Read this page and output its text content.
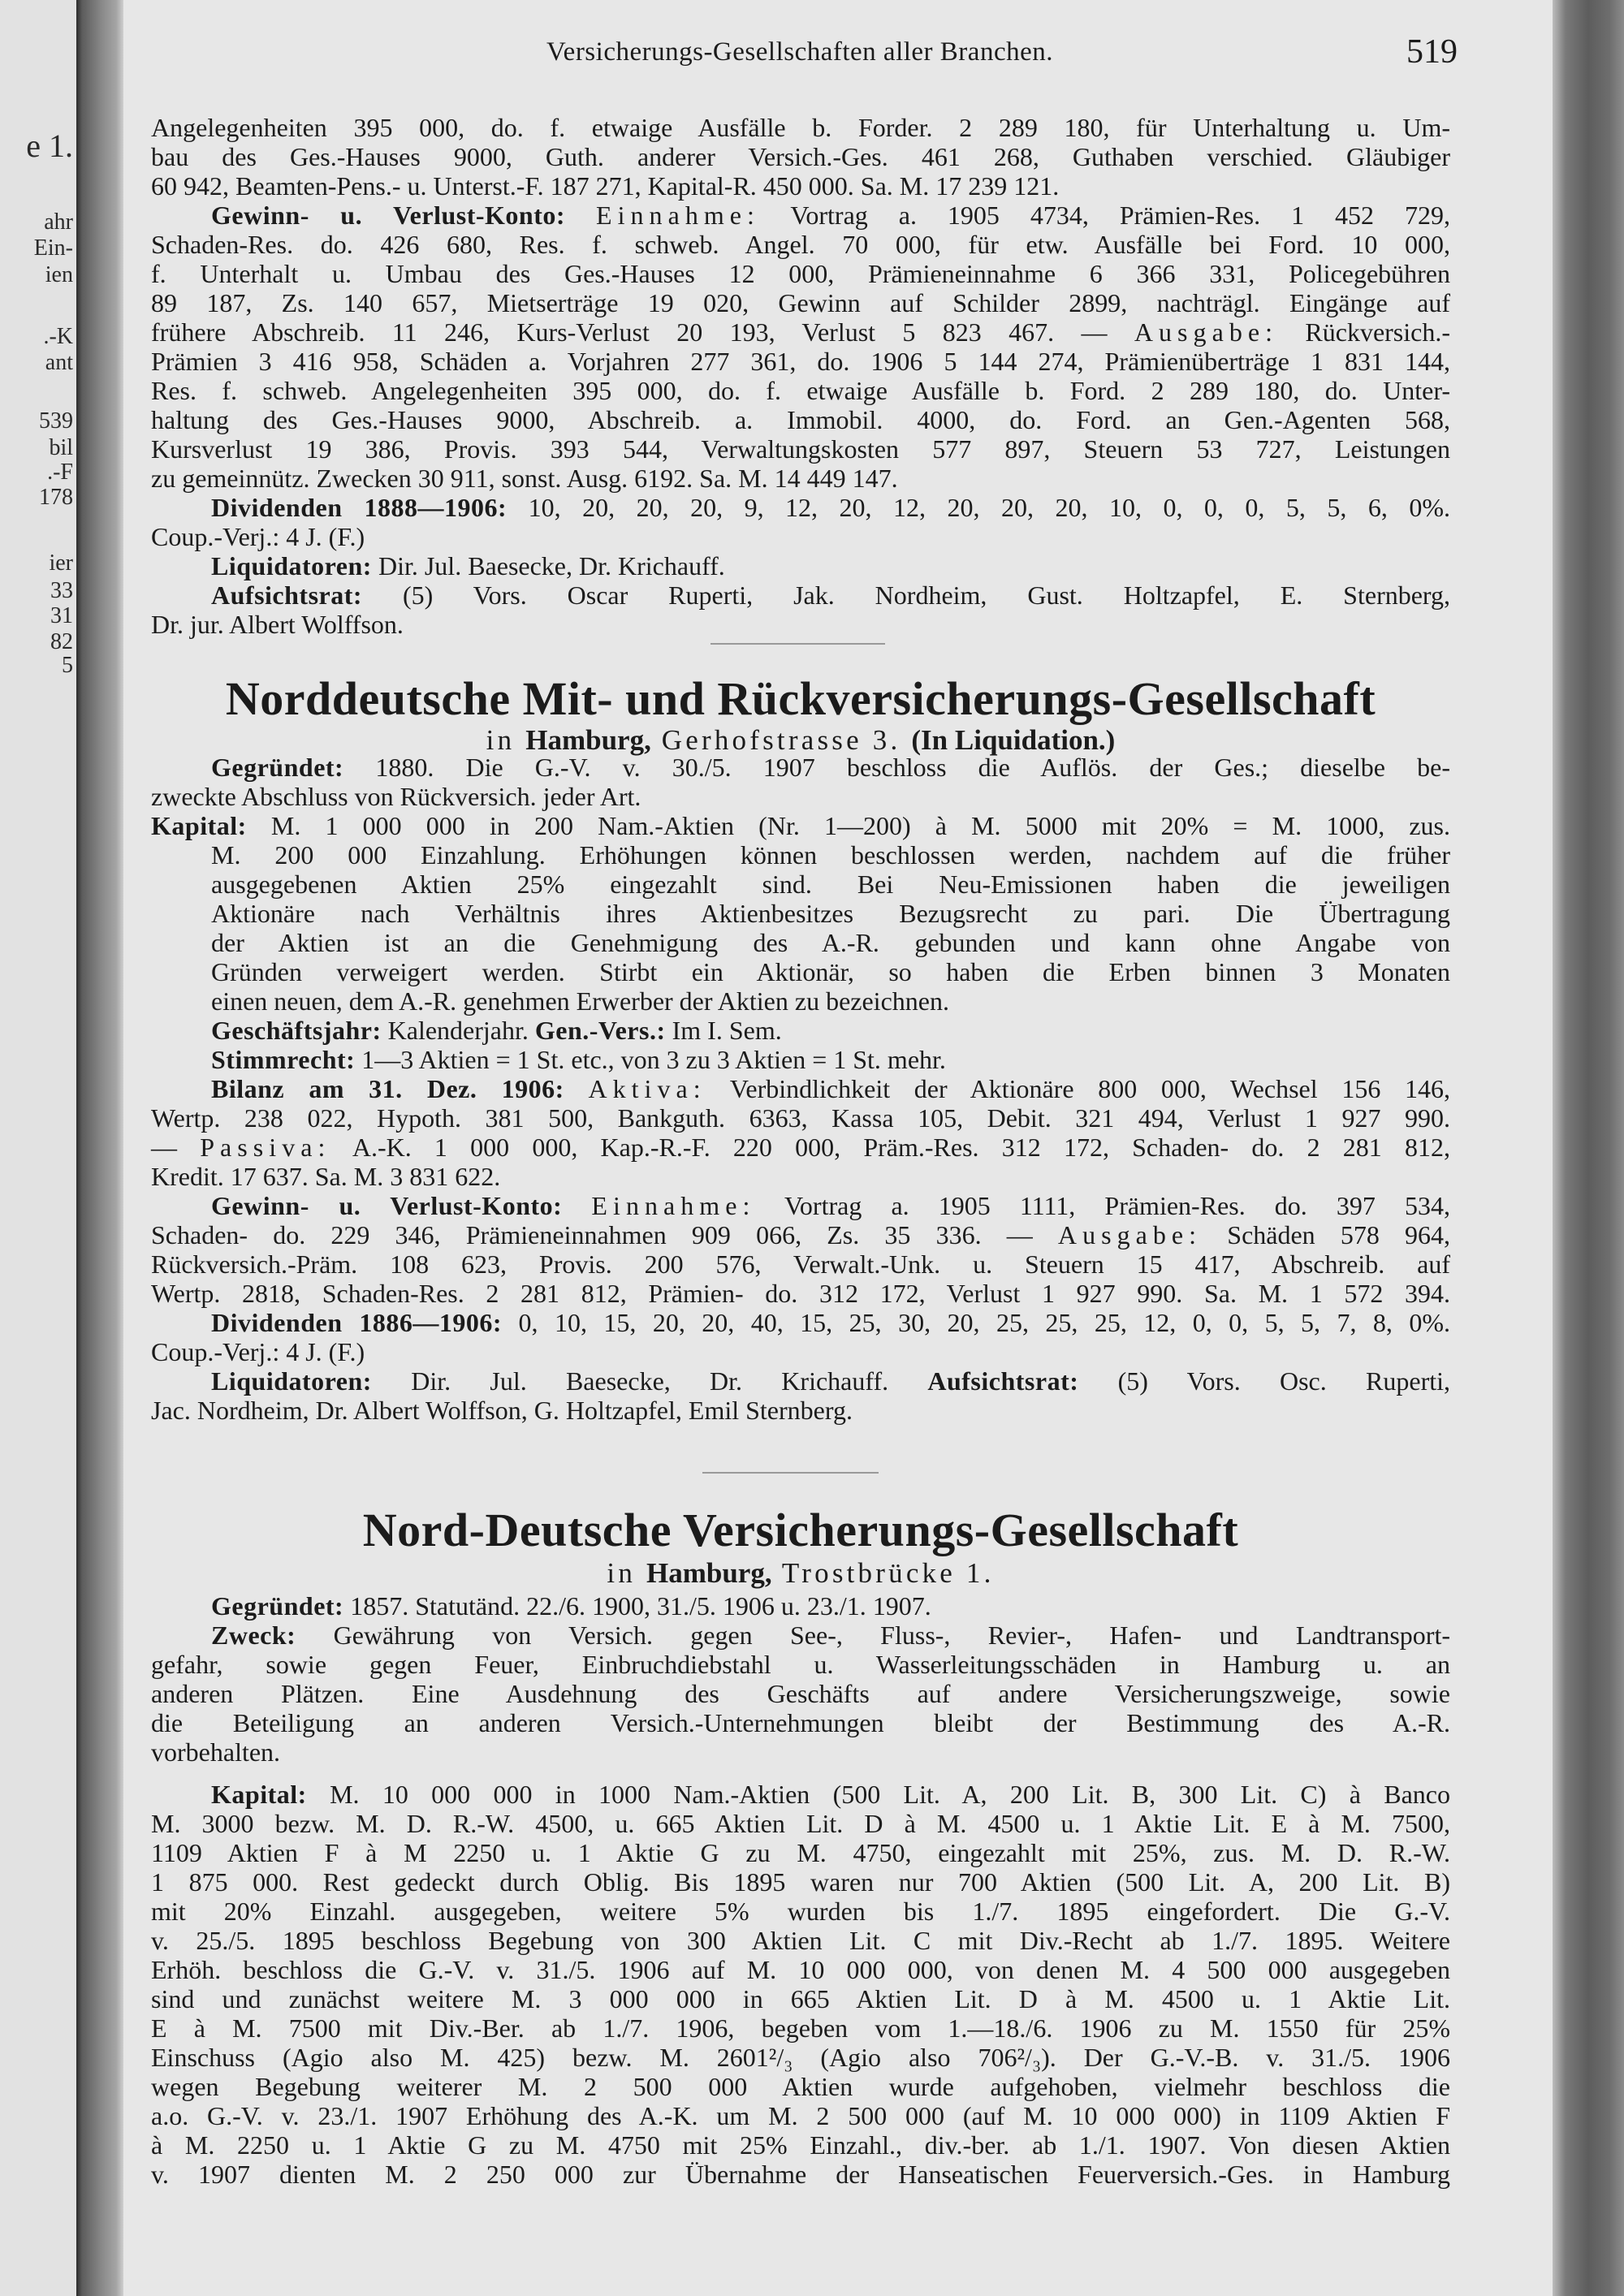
e 1.
ahr
Ein-
ien
.-K
ant
539
bil
.-F
178
ier
33
31
82
5
Versicherungs-Gesellschaften aller Branchen.	519
Angelegenheiten 395 000, do. f. etwaige Ausfälle b. Forder. 2 289 180, für Unterhaltung u. Um-
bau des Ges.-Hauses 9000, Guth. anderer Versich.-Ges. 461 268, Guthaben verschied. Gläubiger
60 942, Beamten-Pens.- u. Unterst.-F. 187 271, Kapital-R. 450 000. Sa. M. 17 239 121.
Gewinn- u. Verlust-Konto: Einnahme: Vortrag a. 1905 4734, Prämien-Res. 1 452 729,
Schaden-Res. do. 426 680, Res. f. schweb. Angel. 70 000, für etw. Ausfälle bei Ford. 10 000,
f. Unterhalt u. Umbau des Ges.-Hauses 12 000, Prämieneinnahme 6 366 331, Policegebühren
89 187, Zs. 140 657, Mietserträge 19 020, Gewinn auf Schilder 2899, nachträgl. Eingänge auf
frühere Abschreib. 11 246, Kurs-Verlust 20 193, Verlust 5 823 467. — Ausgabe: Rückversich.-
Prämien 3 416 958, Schäden a. Vorjahren 277 361, do. 1906 5 144 274, Prämienüberträge 1 831 144,
Res. f. schweb. Angelegenheiten 395 000, do. f. etwaige Ausfälle b. Ford. 2 289 180, do. Unter-
haltung des Ges.-Hauses 9000, Abschreib. a. Immobil. 4000, do. Ford. an Gen.-Agenten 568,
Kursverlust 19 386, Provis. 393 544, Verwaltungskosten 577 897, Steuern 53 727, Leistungen
zu gemeinnütz. Zwecken 30 911, sonst. Ausg. 6192. Sa. M. 14 449 147.
Dividenden 1888—1906: 10, 20, 20, 20, 9, 12, 20, 12, 20, 20, 20, 10, 0, 0, 0, 5, 5, 6, 0%.
Coup.-Verj.: 4 J. (F.)
Liquidatoren: Dir. Jul. Baesecke, Dr. Krichauff.
Aufsichtsrat: (5) Vors. Oscar Ruperti, Jak. Nordheim, Gust. Holtzapfel, E. Sternberg,
Dr. jur. Albert Wolffson.
Norddeutsche Mit- und Rückversicherungs-Gesellschaft
in Hamburg, Gerhofstrasse 3. (In Liquidation.)
Gegründet: 1880. Die G.-V. v. 30./5. 1907 beschloss die Auflös. der Ges.; dieselbe be-
zweckte Abschluss von Rückversich. jeder Art.
Kapital: M. 1 000 000 in 200 Nam.-Aktien (Nr. 1—200) à M. 5000 mit 20% = M. 1000, zus.
M. 200 000 Einzahlung. Erhöhungen können beschlossen werden, nachdem auf die früher
ausgegebenen Aktien 25% eingezahlt sind. Bei Neu-Emissionen haben die jeweiligen
Aktionäre nach Verhältnis ihres Aktienbesitzes Bezugsrecht zu pari. Die Übertragung
der Aktien ist an die Genehmigung des A.-R. gebunden und kann ohne Angabe von
Gründen verweigert werden. Stirbt ein Aktionär, so haben die Erben binnen 3 Monaten
einen neuen, dem A.-R. genehmen Erwerber der Aktien zu bezeichnen.
Geschäftsjahr: Kalenderjahr. Gen.-Vers.: Im I. Sem.
Stimmrecht: 1—3 Aktien = 1 St. etc., von 3 zu 3 Aktien = 1 St. mehr.
Bilanz am 31. Dez. 1906: Aktiva: Verbindlichkeit der Aktionäre 800 000, Wechsel 156 146,
Wertp. 238 022, Hypoth. 381 500, Bankguth. 6363, Kassa 105, Debit. 321 494, Verlust 1 927 990.
— Passiva: A.-K. 1 000 000, Kap.-R.-F. 220 000, Präm.-Res. 312 172, Schaden- do. 2 281 812,
Kredit. 17 637. Sa. M. 3 831 622.
Gewinn- u. Verlust-Konto: Einnahme: Vortrag a. 1905 1111, Prämien-Res. do. 397 534,
Schaden- do. 229 346, Prämieneinnahmen 909 066, Zs. 35 336. — Ausgabe: Schäden 578 964,
Rückversich.-Präm. 108 623, Provis. 200 576, Verwalt.-Unk. u. Steuern 15 417, Abschreib. auf
Wertp. 2818, Schaden-Res. 2 281 812, Prämien- do. 312 172, Verlust 1 927 990. Sa. M. 1 572 394.
Dividenden 1886—1906: 0, 10, 15, 20, 20, 40, 15, 25, 30, 20, 25, 25, 25, 12, 0, 0, 5, 5, 7, 8, 0%.
Coup.-Verj.: 4 J. (F.)
Liquidatoren: Dir. Jul. Baesecke, Dr. Krichauff. Aufsichtsrat: (5) Vors. Osc. Ruperti,
Jac. Nordheim, Dr. Albert Wolffson, G. Holtzapfel, Emil Sternberg.
Nord-Deutsche Versicherungs-Gesellschaft
in Hamburg, Trostbrücke 1.
Gegründet: 1857. Statutänd. 22./6. 1900, 31./5. 1906 u. 23./1. 1907.
Zweck: Gewährung von Versich. gegen See-, Fluss-, Revier-, Hafen- und Landtransport-
gefahr, sowie gegen Feuer, Einbruchdiebstahl u. Wasserleitungsschäden in Hamburg u. an
anderen Plätzen. Eine Ausdehnung des Geschäfts auf andere Versicherungszweige, sowie
die Beteiligung an anderen Versich.-Unternehmungen bleibt der Bestimmung des A.-R.
vorbehalten.
Kapital: M. 10 000 000 in 1000 Nam.-Aktien (500 Lit. A, 200 Lit. B, 300 Lit. C) à Banco
M. 3000 bezw. M. D. R.-W. 4500, u. 665 Aktien Lit. D à M. 4500 u. 1 Aktie Lit. E à M. 7500,
1109 Aktien F à M 2250 u. 1 Aktie G zu M. 4750, eingezahlt mit 25%, zus. M. D. R.-W.
1 875 000. Rest gedeckt durch Oblig. Bis 1895 waren nur 700 Aktien (500 Lit. A, 200 Lit. B)
mit 20% Einzahl. ausgegeben, weitere 5% wurden bis 1./7. 1895 eingefordert. Die G.-V.
v. 25./5. 1895 beschloss Begebung von 300 Aktien Lit. C mit Div.-Recht ab 1./7. 1895. Weitere
Erhöh. beschloss die G.-V. v. 31./5. 1906 auf M. 10 000 000, von denen M. 4 500 000 ausgegeben
sind und zunächst weitere M. 3 000 000 in 665 Aktien Lit. D à M. 4500 u. 1 Aktie Lit.
E à M. 7500 mit Div.-Ber. ab 1./7. 1906, begeben vom 1.—18./6. 1906 zu M. 1550 für 25%
Einschuss (Agio also M. 425) bezw. M. 2601²/₃ (Agio also 706²/₃). Der G.-V.-B. v. 31./5. 1906
wegen Begebung weiterer M. 2 500 000 Aktien wurde aufgehoben, vielmehr beschloss die
a.o. G.-V. v. 23./1. 1907 Erhöhung des A.-K. um M. 2 500 000 (auf M. 10 000 000) in 1109 Aktien F
à M. 2250 u. 1 Aktie G zu M. 4750 mit 25% Einzahl., div.-ber. ab 1./1. 1907. Von diesen Aktien
v. 1907 dienten M. 2 250 000 zur Übernahme der Hanseatischen Feuerversich.-Ges. in Hamburg
